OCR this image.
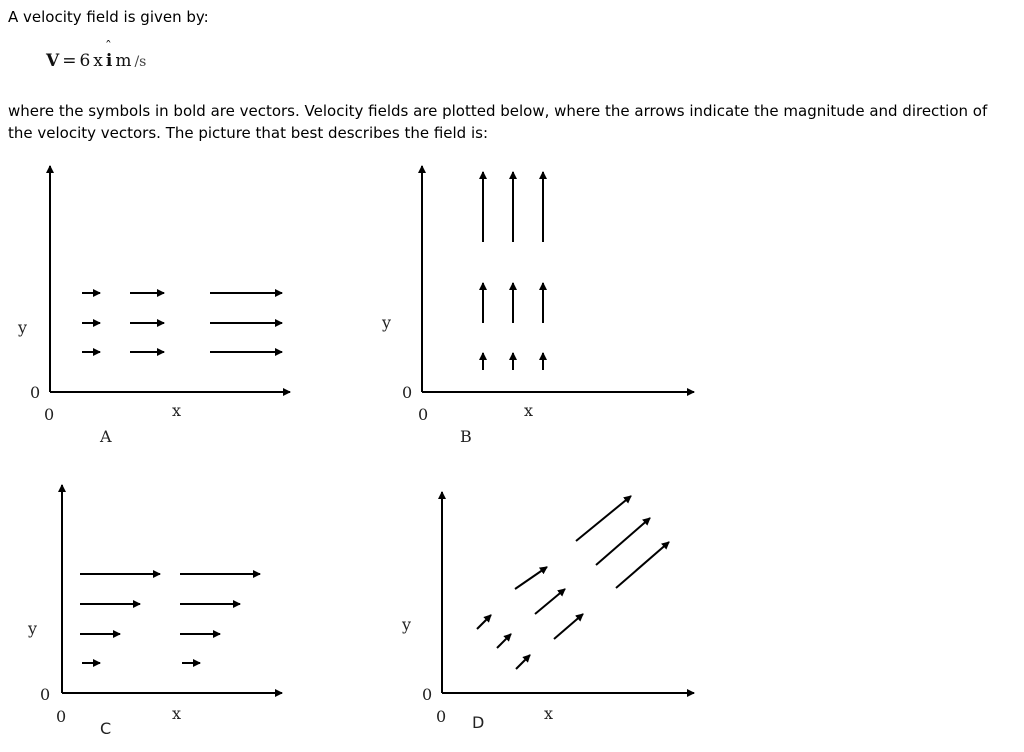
A velocity field is given by:
V = 6 x
ˆ i m /s
where the symbols in bold are vectors. Velocity fields are plotted below, where the arrows indicate the magnitude and direction of the velocity vectors. The picture that best describes the field is:
y
0
0	x
A
y
0
0	x
B
y
0
0	x
C
y
0
0	x
D
